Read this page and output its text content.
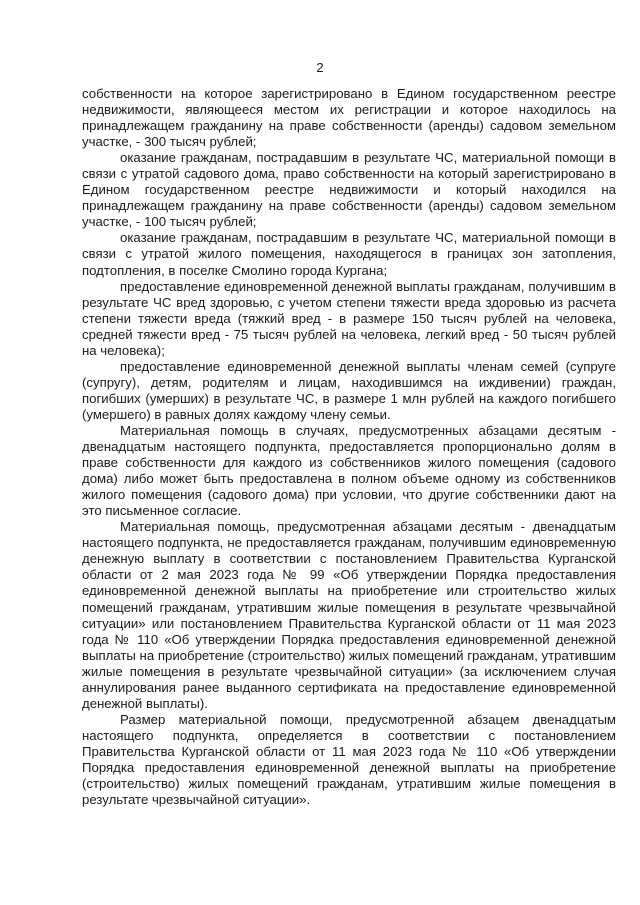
2

собственности на которое зарегистрировано в Едином государственном реестре недвижимости, являющееся местом их регистрации и которое находилось на принадлежащем гражданину на праве собственности (аренды) садовом земельном участке, - 300 тысяч рублей;

оказание гражданам, пострадавшим в результате ЧС, материальной помощи в связи с утратой садового дома, право собственности на который зарегистрировано в Едином государственном реестре недвижимости и который находился на принадлежащем гражданину на праве собственности (аренды) садовом земельном участке, - 100 тысяч рублей;

оказание гражданам, пострадавшим в результате ЧС, материальной помощи в связи с утратой жилого помещения, находящегося в границах зон затопления, подтопления, в поселке Смолино города Кургана;

предоставление единовременной денежной выплаты гражданам, получившим в результате ЧС вред здоровью, с учетом степени тяжести вреда здоровью из расчета степени тяжести вреда (тяжкий вред - в размере 150 тысяч рублей на человека, средней тяжести вред - 75 тысяч рублей на человека, легкий вред - 50 тысяч рублей на человека);

предоставление единовременной денежной выплаты членам семей (супруге (супругу), детям, родителям и лицам, находившимся на иждивении) граждан, погибших (умерших) в результате ЧС, в размере 1 млн рублей на каждого погибшего (умершего) в равных долях каждому члену семьи.

Материальная помощь в случаях, предусмотренных абзацами десятым - двенадцатым настоящего подпункта, предоставляется пропорционально долям в праве собственности для каждого из собственников жилого помещения (садового дома) либо может быть предоставлена в полном объеме одному из собственников жилого помещения (садового дома) при условии, что другие собственники дают на это письменное согласие.

Материальная помощь, предусмотренная абзацами десятым - двенадцатым настоящего подпункта, не предоставляется гражданам, получившим единовременную денежную выплату в соответствии с постановлением Правительства Курганской области от 2 мая 2023 года № 99 «Об утверждении Порядка предоставления единовременной денежной выплаты на приобретение или строительство жилых помещений гражданам, утратившим жилые помещения в результате чрезвычайной ситуации» или постановлением Правительства Курганской области от 11 мая 2023 года № 110 «Об утверждении Порядка предоставления единовременной денежной выплаты на приобретение (строительство) жилых помещений гражданам, утратившим жилые помещения в результате чрезвычайной ситуации» (за исключением случая аннулирования ранее выданного сертификата на предоставление единовременной денежной выплаты).

Размер материальной помощи, предусмотренной абзацем двенадцатым настоящего подпункта, определяется в соответствии с постановлением Правительства Курганской области от 11 мая 2023 года № 110 «Об утверждении Порядка предоставления единовременной денежной выплаты на приобретение (строительство) жилых помещений гражданам, утратившим жилые помещения в результате чрезвычайной ситуации».
